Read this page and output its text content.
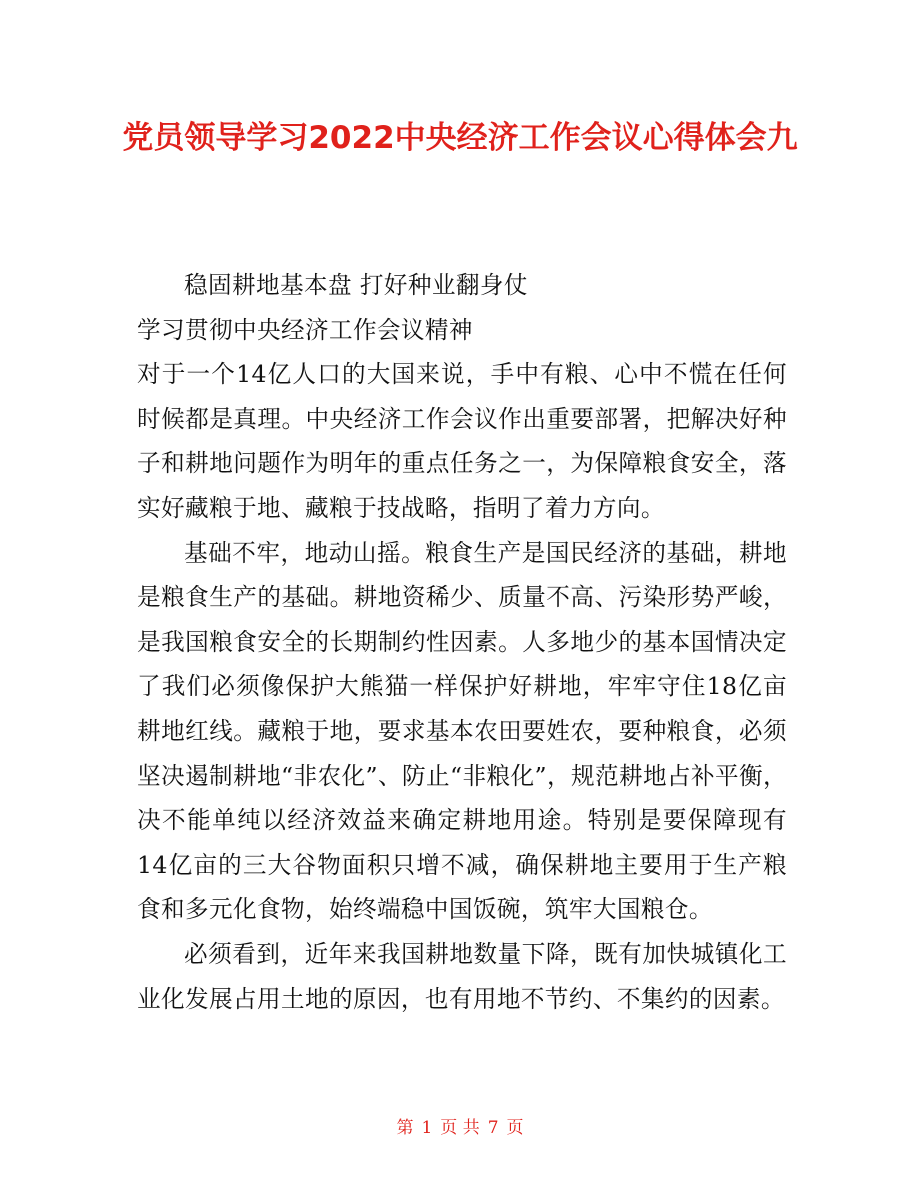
党员领导学习2022中央经济工作会议心得体会九

稳固耕地基本盘 打好种业翻身仗

学习贯彻中央经济工作会议精神

对于一个14亿人口的大国来说，手中有粮、心中不慌在任何时候都是真理。中央经济工作会议作出重要部署，把解决好种子和耕地问题作为明年的重点任务之一，为保障粮食安全，落实好藏粮于地、藏粮于技战略，指明了着力方向。

基础不牢，地动山摇。粮食生产是国民经济的基础，耕地是粮食生产的基础。耕地资稀少、质量不高、污染形势严峻，是我国粮食安全的长期制约性因素。人多地少的基本国情决定了我们必须像保护大熊猫一样保护好耕地，牢牢守住18亿亩耕地红线。藏粮于地，要求基本农田要姓农，要种粮食，必须坚决遏制耕地“非农化”、防止“非粮化”，规范耕地占补平衡，决不能单纯以经济效益来确定耕地用途。特别是要保障现有14亿亩的三大谷物面积只增不减，确保耕地主要用于生产粮食和多元化食物，始终端稳中国饭碗，筑牢大国粮仓。

必须看到，近年来我国耕地数量下降，既有加快城镇化工业化发展占用土地的原因，也有用地不节约、不集约的因素。

第 1 页 共 7 页
